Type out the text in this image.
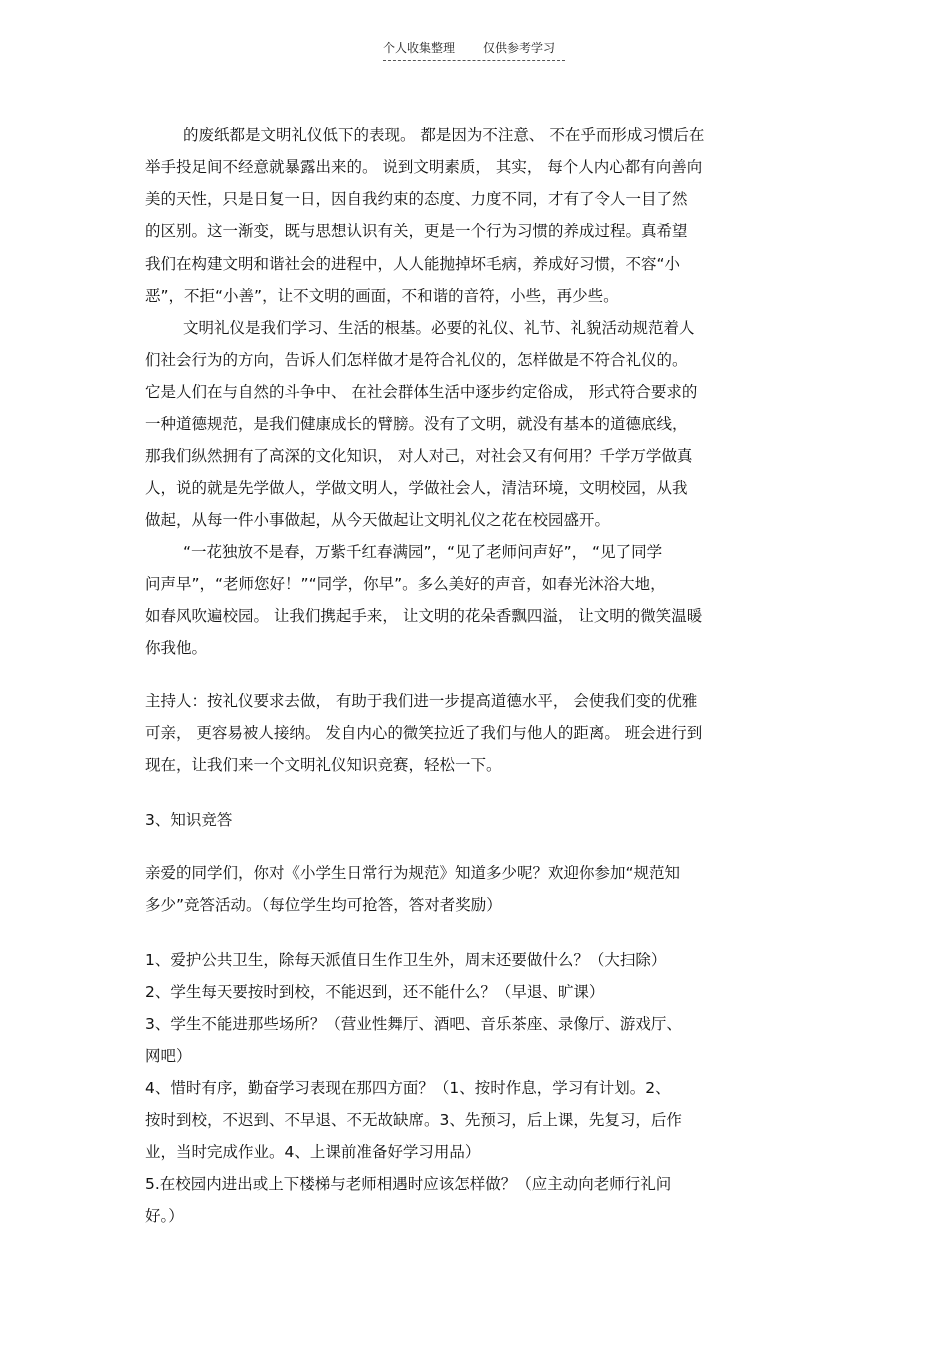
个人收集整理 仅供参考学习
的废纸都是文明礼仪低下的表现。 都是因为不注意、 不在乎而形成习惯后在
举手投足间不经意就暴露出来的。 说到文明素质， 其实， 每个人内心都有向善向
美的天性，只是日复一日，因自我约束的态度、力度不同，才有了令人一目了然
的区别。这一渐变，既与思想认识有关，更是一个行为习惯的养成过程。真希望
我们在构建文明和谐社会的进程中，人人能抛掉坏毛病，养成好习惯，不容“小
恶”，不拒“小善”，让不文明的画面，不和谐的音符，小些，再少些。
文明礼仪是我们学习、生活的根基。必要的礼仪、礼节、礼貌活动规范着人
们社会行为的方向，告诉人们怎样做才是符合礼仪的，怎样做是不符合礼仪的。
它是人们在与自然的斗争中、 在社会群体生活中逐步约定俗成， 形式符合要求的
一种道德规范，是我们健康成长的臂膀。没有了文明，就没有基本的道德底线，
那我们纵然拥有了高深的文化知识， 对人对己，对社会又有何用？千学万学做真
人，说的就是先学做人，学做文明人，学做社会人，清洁环境，文明校园，从我
做起，从每一件小事做起，从今天做起让文明礼仪之花在校园盛开。
“一花独放不是春，万紫千红春满园”，“见了老师问声好”， “见了同学
问声早”，“老师您好！”“同学，你早”。多么美好的声音，如春光沐浴大地，
如春风吹遍校园。 让我们携起手来， 让文明的花朵香飘四溢， 让文明的微笑温暖
你我他。
主持人：按礼仪要求去做， 有助于我们进一步提高道德水平， 会使我们变的优雅
可亲， 更容易被人接纳。 发自内心的微笑拉近了我们与他人的距离。 班会进行到
现在，让我们来一个文明礼仪知识竞赛，轻松一下。
3、知识竞答
亲爱的同学们，你对《小学生日常行为规范》知道多少呢？欢迎你参加“规范知
多少”竞答活动。（每位学生均可抢答，答对者奖励）
1、爱护公共卫生，除每天派值日生作卫生外，周末还要做什么？（大扫除）
2、学生每天要按时到校，不能迟到，还不能什么？（早退、旷课）
3、学生不能进那些场所？（营业性舞厅、酒吧、音乐茶座、录像厅、游戏厅、
网吧）
4、惜时有序，勤奋学习表现在那四方面？（1、按时作息，学习有计划。2、
按时到校，不迟到、不早退、不无故缺席。3、先预习，后上课，先复习，后作
业，当时完成作业。4、上课前准备好学习用品）
5.在校园内进出或上下楼梯与老师相遇时应该怎样做？（应主动向老师行礼问
好。）
